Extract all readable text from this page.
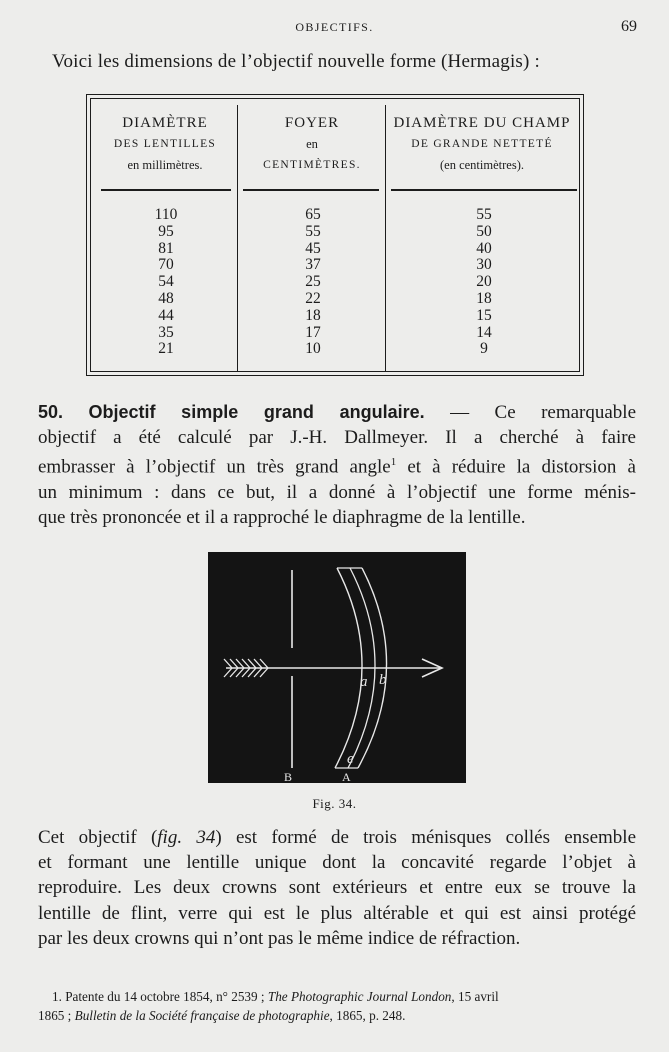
OBJECTIFS.	69
Voici les dimensions de l’objectif nouvelle forme (Hermagis) :
DIAMÈTRE
DES LENTILLES
en millimètres.
FOYER
en
CENTIMÈTRES.
DIAMÈTRE DU CHAMP
DE GRANDE NETTETÉ
(en centimètres).
110
95
81
70
54
48
44
35
21
65
55
45
37
25
22
18
17
10
55
50
40
30
20
18
15
14
9
50. Objectif simple grand angulaire. — Ce remarquable
objectif a été calculé par J.-H. Dallmeyer. Il a cherché à faire
embrasser à l’objectif un très grand angle$^1$ et à réduire la distorsion à
un minimum : dans ce but, il a donné à l’objectif une forme ménis-
que très prononcée et il a rapproché le diaphragme de la lentille.
a b
e
B	A
Fig. 34.
Cet objectif (fig. 34) est formé de trois ménisques collés ensemble
et formant une lentille unique dont la concavité regarde l’objet à
reproduire. Les deux crowns sont extérieurs et entre eux se trouve la
lentille de flint, verre qui est le plus altérable et qui est ainsi protégé
par les deux crowns qui n’ont pas le même indice de réfraction.
1. Patente du 14 octobre 1854, n° 2539 ; The Photographic Journal London, 15 avril
1865 ; Bulletin de la Société française de photographie, 1865, p. 248.
